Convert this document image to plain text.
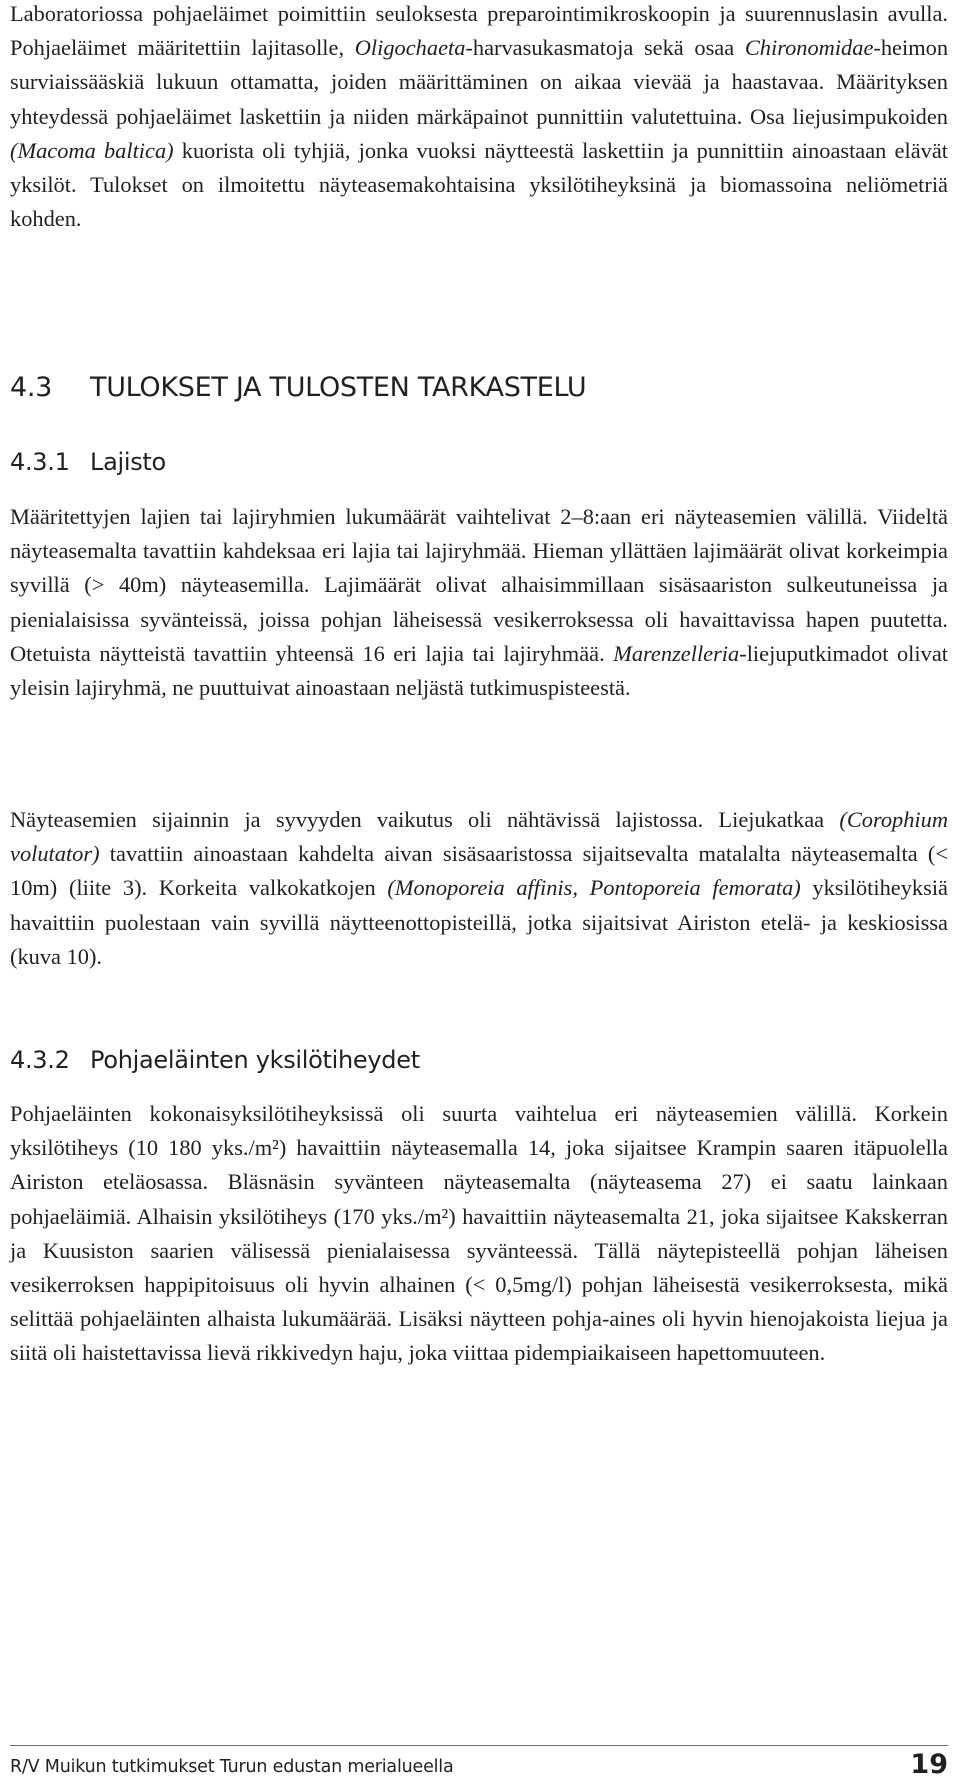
Laboratoriossa pohjaeläimet poimittiin seuloksesta preparointimikroskoopin ja suurennuslasin avulla. Pohjaeläimet määritettiin lajitasolle, Oligochaeta-harvasukasmatoja sekä osaa Chironomidae-heimon surviaissääskiä lukuun ottamatta, joiden määrittäminen on aikaa vievää ja haastavaa. Määrityksen yhteydessä pohjaeläimet laskettiin ja niiden märkäpainot punnittiin valutettuina. Osa liejusimpukoiden (Macoma baltica) kuorista oli tyhjiä, jonka vuoksi näytteestä laskettiin ja punnittiin ainoastaan elävät yksilöt. Tulokset on ilmoitettu näyteasemakohtaisina yksilötiheyksinä ja biomassoina neliömetriä kohden.

4.3 TULOKSET JA TULOSTEN TARKASTELU
4.3.1 Lajisto

Määritettyjen lajien tai lajiryhmien lukumäärät vaihtelivat 2–8:aan eri näyteasemien välillä. Viideltä näyteasemalta tavattiin kahdeksaa eri lajia tai lajiryhmää. Hieman yllättäen lajimäärät olivat korkeimpia syvillä (> 40m) näyteasemilla. Lajimäärät olivat alhaisimmillaan sisäsaariston sulkeutuneissa ja pienialaisissa syvänteissä, joissa pohjan läheisessä vesikerroksessa oli havaittavissa hapen puutetta. Otetuista näytteistä tavattiin yhteensä 16 eri lajia tai lajiryhmää. Marenzelleria-liejuputkimadot olivat yleisin lajiryhmä, ne puuttuivat ainoastaan neljästä tutkimuspisteestä.

Näyteasemien sijainnin ja syvyyden vaikutus oli nähtävissä lajistossa. Liejukatkaa (Corophium volutator) tavattiin ainoastaan kahdelta aivan sisäsaaristossa sijaitsevalta matalalta näyteasemalta (< 10m) (liite 3). Korkeita valkokatkojen (Monoporeia affinis, Pontoporeia femorata) yksilötiheyksiä havaittiin puolestaan vain syvillä näytteenottopisteillä, jotka sijaitsivat Airiston etelä- ja keskiosissa (kuva 10).

4.3.2 Pohjaeläinten yksilötiheydet

Pohjaeläinten kokonaisyksilötiheyksissä oli suurta vaihtelua eri näyteasemien välillä. Korkein yksilötiheys (10 180 yks./m²) havaittiin näyteasemalla 14, joka sijaitsee Krampin saaren itäpuolella Airiston eteläosassa. Bläsnäsin syvänteen näyteasemalta (näyteasema 27) ei saatu lainkaan pohjaeläimiä. Alhaisin yksilötiheys (170 yks./m²) havaittiin näyteasemalta 21, joka sijaitsee Kakskerran ja Kuusiston saarien välisessä pienialaisessa syvänteessä. Tällä näytepisteellä pohjan läheisen vesikerroksen happipitoisuus oli hyvin alhainen (< 0,5mg/l) pohjan läheisestä vesikerroksesta, mikä selittää pohjaeläinten alhaista lukumäärää. Lisäksi näytteen pohja-aines oli hyvin hienojakoista liejua ja siitä oli haistettavissa lievä rikkivedyn haju, joka viittaa pidempiaikaiseen hapettomuuteen.

R/V Muikun tutkimukset Turun edustan merialueella	19
